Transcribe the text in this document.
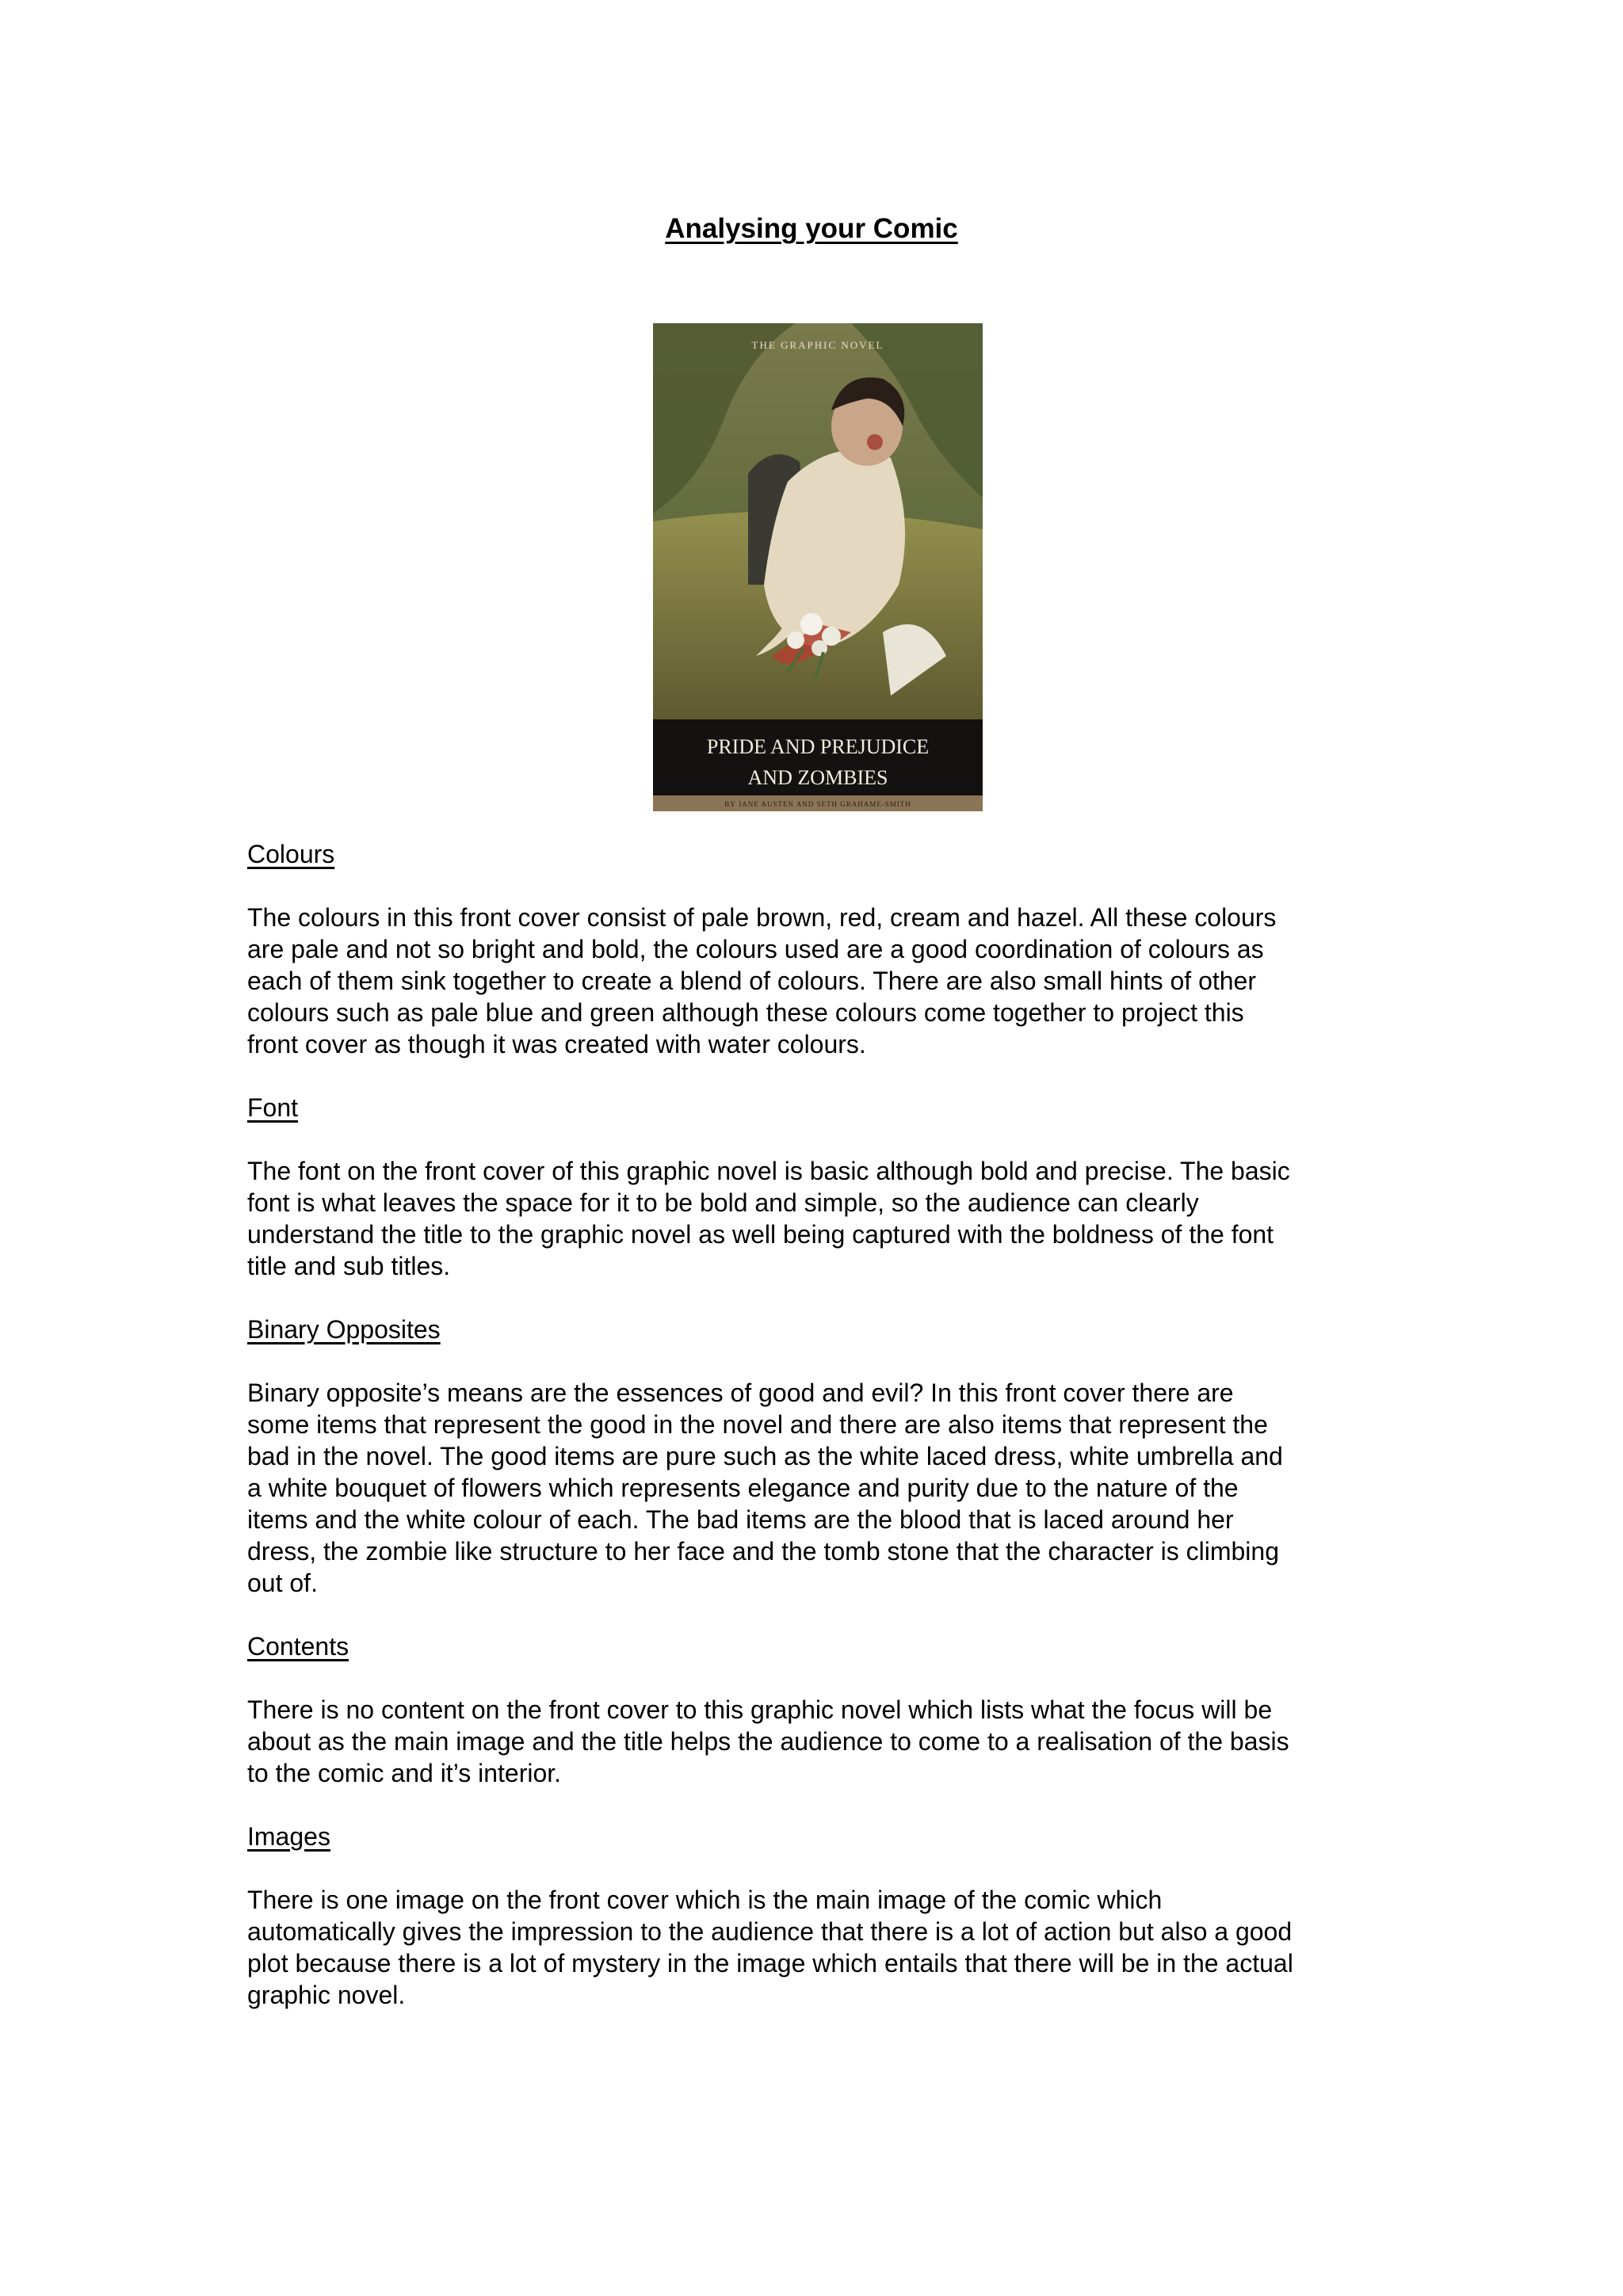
Analysing your Comic
THE GRAPHIC NOVEL
PRIDE AND PREJUDICE
AND ZOMBIES
BY JANE AUSTEN AND SETH GRAHAME-SMITH
Colours

The colours in this front cover consist of pale brown, red, cream and hazel. All these colours
are pale and not so bright and bold, the colours used are a good coordination of colours as
each of them sink together to create a blend of colours. There are also small hints of other
colours such as pale blue and green although these colours come together to project this
front cover as though it was created with water colours.

Font

The font on the front cover of this graphic novel is basic although bold and precise. The basic
font is what leaves the space for it to be bold and simple, so the audience can clearly
understand the title to the graphic novel as well being captured with the boldness of the font
title and sub titles.

Binary Opposites

Binary opposite’s means are the essences of good and evil? In this front cover there are
some items that represent the good in the novel and there are also items that represent the
bad in the novel. The good items are pure such as the white laced dress, white umbrella and
a white bouquet of flowers which represents elegance and purity due to the nature of the
items and the white colour of each. The bad items are the blood that is laced around her
dress, the zombie like structure to her face and the tomb stone that the character is climbing
out of.

Contents

There is no content on the front cover to this graphic novel which lists what the focus will be
about as the main image and the title helps the audience to come to a realisation of the basis
to the comic and it’s interior.

Images

There is one image on the front cover which is the main image of the comic which
automatically gives the impression to the audience that there is a lot of action but also a good
plot because there is a lot of mystery in the image which entails that there will be in the actual
graphic novel.
